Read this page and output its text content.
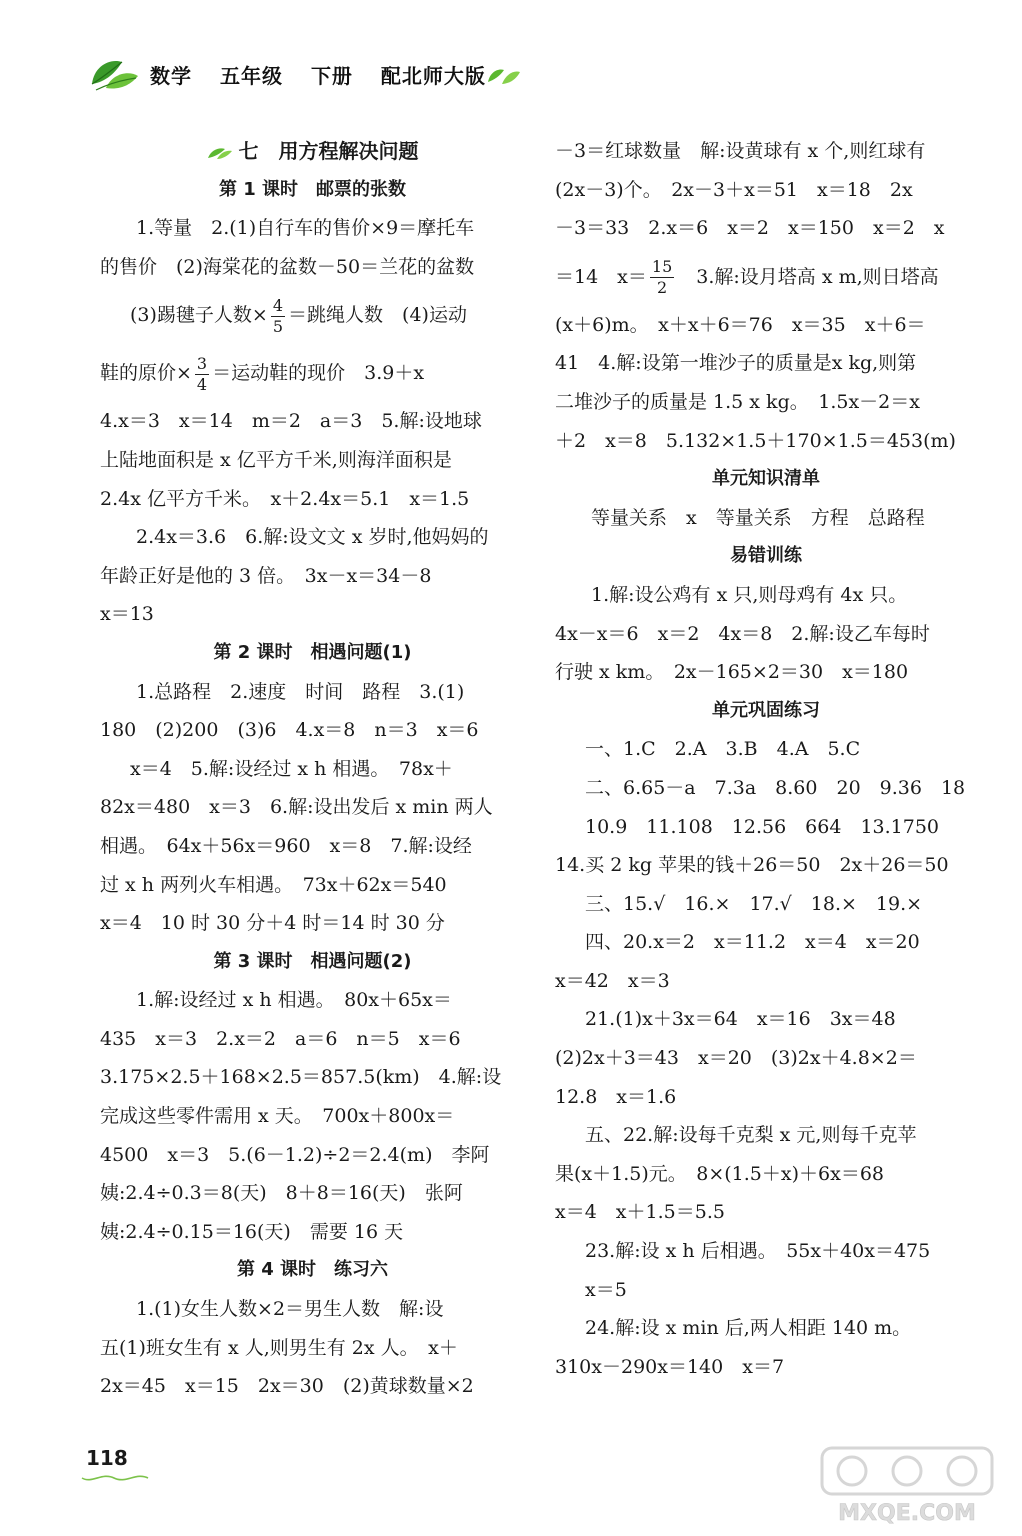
数学 五年级 下册 配北师大版
七　用方程解决问题
第 1 课时　邮票的张数
1.等量　2.(1)自行车的售价×9＝摩托车
的售价　(2)海棠花的盆数－50＝兰花的盆数
(3)踢毽子人数× $\frac{4}{5}$ ＝跳绳人数　(4)运动
鞋的原价× $\frac{3}{4}$ ＝运动鞋的现价　3.9＋x
4.x＝3　x＝14　m＝2　a＝3　5.解:设地球
上陆地面积是 x 亿平方千米,则海洋面积是
2.4x 亿平方千米。　x＋2.4x＝5.1　x＝1.5
2.4x＝3.6　6.解:设文文 x 岁时,他妈妈的
年龄正好是他的 3 倍。　3x－x＝34－8
x＝13
第 2 课时　相遇问题(1)
1.总路程　2.速度　时间　路程　3.(1)
180　(2)200　(3)6　4.x＝8　n＝3　x＝6
x＝4　5.解:设经过 x h 相遇。　78x＋
82x＝480　x＝3　6.解:设出发后 x min 两人
相遇。　64x＋56x＝960　x＝8　7.解:设经
过 x h 两列火车相遇。　73x＋62x＝540
x＝4　10 时 30 分＋4 时＝14 时 30 分
第 3 课时　相遇问题(2)
1.解:设经过 x h 相遇。　80x＋65x＝
435　x＝3　2.x＝2　a＝6　n＝5　x＝6
3.175×2.5＋168×2.5＝857.5(km)　4.解:设
完成这些零件需用 x 天。　700x＋800x＝
4500　x＝3　5.(6－1.2)÷2＝2.4(m)　李阿
姨:2.4÷0.3＝8(天)　8＋8＝16(天)　张阿
姨:2.4÷0.15＝16(天)　需要 16 天
第 4 课时　练习六
1.(1)女生人数×2＝男生人数　解:设
五(1)班女生有 x 人,则男生有 2x 人。　x＋
2x＝45　x＝15　2x＝30　(2)黄球数量×2
－3＝红球数量　解:设黄球有 x 个,则红球有
(2x－3)个。　2x－3＋x＝51　x＝18　2x
－3＝33　2.x＝6　x＝2　x＝150　x＝2　x
＝14　$x= \frac{15}{2}$ 　3.解:设月塔高 x m,则日塔高
(x＋6)m。　x＋x＋6＝76　x＝35　x＋6＝
41　4.解:设第一堆沙子的质量是x kg,则第
二堆沙子的质量是 1.5 x kg。　1.5x－2＝x
＋2　x＝8　5.132×1.5＋170×1.5＝453(m)
单元知识清单
等量关系　x　等量关系　方程　总路程
易错训练
1.解:设公鸡有 x 只,则母鸡有 4x 只。
4x－x＝6　x＝2　4x＝8　2.解:设乙车每时
行驶 x km。　2x－165×2＝30　x＝180
单元巩固练习
一、1.C　2.A　3.B　4.A　5.C
二、6.65－a　7.3a　8.60　20　9.36　18
10.9　11.108　12.56　664　13.1750
14.买 2 kg 苹果的钱＋26＝50　2x＋26＝50
三、15.√　16.×　17.√　18.×　19.×
四、20.x＝2　x＝11.2　x＝4　x＝20
x＝42　x＝3
21.(1)x＋3x＝64　x＝16　3x＝48
(2)2x＋3＝43　x＝20　(3)2x＋4.8×2＝
12.8　x＝1.6
五、22.解:设每千克梨 x 元,则每千克苹
果(x＋1.5)元。　8×(1.5＋x)＋6x＝68
x＝4　x＋1.5＝5.5
23.解:设 x h 后相遇。　55x＋40x＝475
x＝5
24.解:设 x min 后,两人相距 140 m。
310x－290x＝140　x＝7
118
MXQE.COM
